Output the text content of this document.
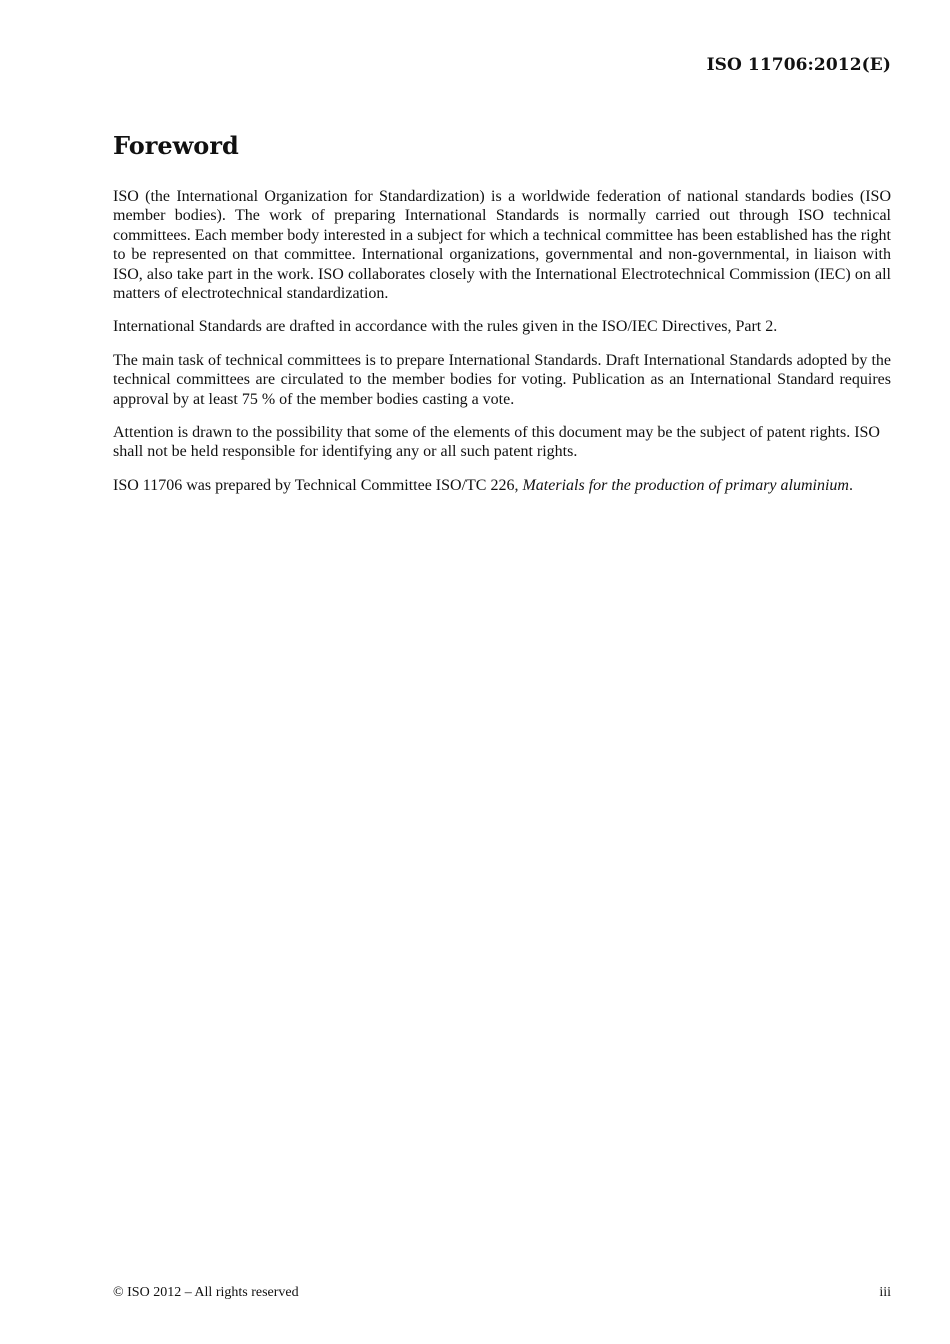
ISO 11706:2012(E)
Foreword

ISO (the International Organization for Standardization) is a worldwide federation of national standards bodies (ISO member bodies). The work of preparing International Standards is normally carried out through ISO technical committees. Each member body interested in a subject for which a technical committee has been established has the right to be represented on that committee. International organizations, governmental and non-governmental, in liaison with ISO, also take part in the work. ISO collaborates closely with the International Electrotechnical Commission (IEC) on all matters of electrotechnical standardization.

International Standards are drafted in accordance with the rules given in the ISO/IEC Directives, Part 2.

The main task of technical committees is to prepare International Standards. Draft International Standards adopted by the technical committees are circulated to the member bodies for voting. Publication as an International Standard requires approval by at least 75 % of the member bodies casting a vote.

Attention is drawn to the possibility that some of the elements of this document may be the subject of patent rights. ISO shall not be held responsible for identifying any or all such patent rights.

ISO 11706 was prepared by Technical Committee ISO/TC 226, Materials for the production of primary aluminium.

© ISO 2012 – All rights reserved	iii
